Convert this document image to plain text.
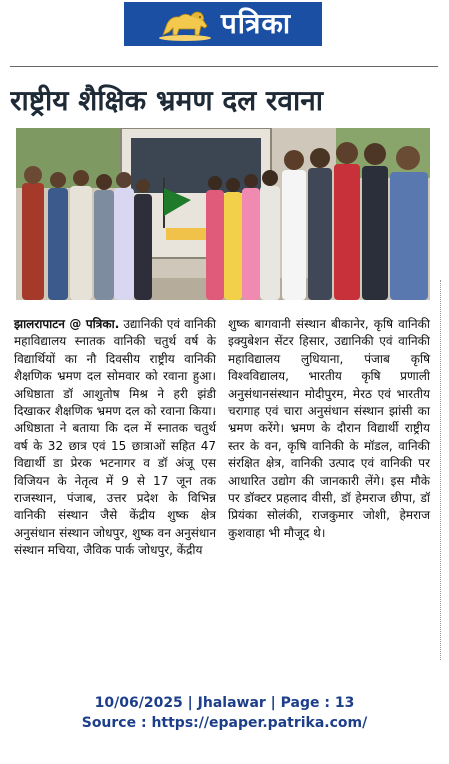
पत्रिका
राष्ट्रीय शैक्षिक भ्रमण दल रवाना

झालरापाटन @ पत्रिका. उद्यानिकी एवं वानिकी महाविद्यालय स्नातक वानिकी चतुर्थ वर्ष के विद्यार्थियों का नौ दिवसीय राष्ट्रीय वानिकी शैक्षणिक भ्रमण दल सोमवार को रवाना हुआ। अधिष्ठाता डॉ आशुतोष मिश्र ने हरी झंडी दिखाकर शैक्षणिक भ्रमण दल को रवाना किया। अधिष्ठाता ने बताया कि दल में स्नातक चतुर्थ वर्ष के 32 छात्र एवं 15 छात्राओं सहित 47 विद्यार्थी डा प्रेरक भटनागर व डॉ अंजू एस विजियन के नेतृत्व में 9 से 17 जून तक राजस्थान, पंजाब, उत्तर प्रदेश के विभिन्न वानिकी संस्थान जैसे केंद्रीय शुष्क क्षेत्र अनुसंधान संस्थान जोधपुर, शुष्क वन अनुसंधान संस्थान मचिया, जैविक पार्क जोधपुर, केंद्रीय

शुष्क बागवानी संस्थान बीकानेर, कृषि वानिकी इक्युबेशन सेंटर हिसार, उद्यानिकी एवं वानिकी महाविद्यालय लुधियाना, पंजाब कृषि विश्वविद्यालय, भारतीय कृषि प्रणाली अनुसंधानसंस्थान मोदीपुरम, मेरठ एवं भारतीय चरागाह एवं चारा अनुसंधान संस्थान झांसी का भ्रमण करेंगे। भ्रमण के दौरान विद्यार्थी राष्ट्रीय स्तर के वन, कृषि वानिकी के मॉडल, वानिकी संरक्षित क्षेत्र, वानिकी उत्पाद एवं वानिकी पर आधारित उद्योग की जानकारी लेंगे। इस मौके पर डॉक्टर प्रहलाद वीसी, डॉ हेमराज छीपा, डॉ प्रियंका सोलंकी, राजकुमार जोशी, हेमराज कुशवाहा भी मौजूद थे।

10/06/2025 | Jhalawar | Page : 13
Source : https://epaper.patrika.com/
